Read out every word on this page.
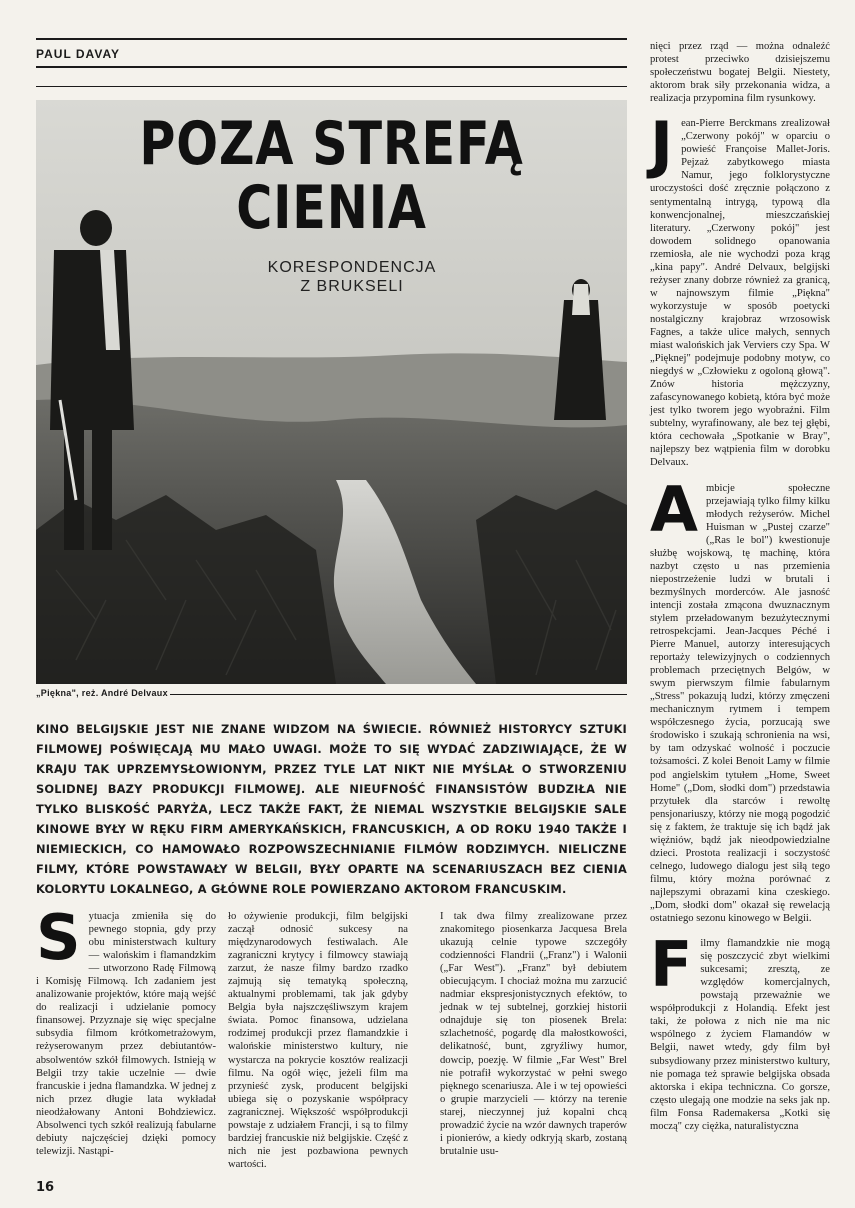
PAUL DAVAY
POZA STREFĄ
CIENIA
KORESPONDENCJA
Z BRUKSELI
„Piękna", reż. André Delvaux
KINO BELGIJSKIE JEST NIE ZNANE WIDZOM NA ŚWIECIE. RÓWNIEŻ HISTORYCY SZTUKI FILMOWEJ POŚWIĘCAJĄ MU MAŁO UWAGI. MOŻE TO SIĘ WYDAĆ ZADZIWIAJĄCE, ŻE W KRAJU TAK UPRZEMYSŁOWIONYM, PRZEZ TYLE LAT NIKT NIE MYŚLAŁ O STWORZENIU SOLIDNEJ BAZY PRODUKCJI FILMOWEJ. ALE NIEUFNOŚĆ FINANSISTÓW BUDZIŁA NIE TYLKO BLISKOŚĆ PARYŻA, LECZ TAKŻE FAKT, ŻE NIEMAL WSZYSTKIE BELGIJSKIE SALE KINOWE BYŁY W RĘKU FIRM AMERYKAŃSKICH, FRANCUSKICH, A OD ROKU 1940 TAKŻE I NIEMIECKICH, CO HAMOWAŁO ROZPOWSZECHNIANIE FILMÓW RODZIMYCH. NIELICZNE FILMY, KTÓRE POWSTAWAŁY W BELGII, BYŁY OPARTE NA SCENARIUSZACH BEZ CIENIA KOLORYTU LOKALNEGO, A GŁÓWNE ROLE POWIERZANO AKTOROM FRANCUSKIM.

nięci przez rząd — można odnaleźć protest przeciwko dzisiejszemu społeczeństwu bogatej Belgii. Niestety, aktorom brak siły przekonania widza, a realizacja przypomina film rysunkowy.

Jean-Pierre Berckmans zrealizował „Czerwony pokój" w oparciu o powieść Françoise Mallet-Joris. Pejzaż zabytkowego miasta Namur, jego folklorystyczne uroczystości dość zręcznie połączono z sentymentalną intrygą, typową dla konwencjonalnej, mieszczańskiej literatury. „Czerwony pokój" jest dowodem solidnego opanowania rzemiosła, ale nie wychodzi poza krąg „kina papy". André Delvaux, belgijski reżyser znany dobrze również za granicą, w najnowszym filmie „Piękna" wykorzystuje w sposób poetycki nostalgiczny krajobraz wrzosowisk Fagnes, a także ulice małych, sennych miast walońskich jak Verviers czy Spa. W „Pięknej" podejmuje podobny motyw, co niegdyś w „Człowieku z ogoloną głową". Znów historia mężczyzny, zafascynowanego kobietą, która być może jest tylko tworem jego wyobraźni. Film subtelny, wyrafinowany, ale bez tej głębi, która cechowała „Spotkanie w Bray", najlepszy bez wątpienia film w dorobku Delvaux.

Ambicje społeczne przejawiają tylko filmy kilku młodych reżyserów. Michel Huisman w „Pustej czarze" („Ras le bol") kwestionuje służbę wojskową, tę machinę, która nazbyt często u nas przemienia niepostrzeżenie ludzi w brutali i bezmyślnych morderców. Ale jasność intencji została zmącona dwuznacznym stylem przeładowanym bezużytecznymi retrospekcjami. Jean-Jacques Péché i Pierre Manuel, autorzy interesujących reportaży telewizyjnych o codziennych problemach przeciętnych Belgów, w swym pierwszym filmie fabularnym „Stress" pokazują ludzi, którzy zmęczeni mechanicznym rytmem i tempem współczesnego życia, porzucają swe środowisko i szukają schronienia na wsi, by tam odzyskać wolność i poczucie tożsamości. Z kolei Benoit Lamy w filmie pod angielskim tytułem „Home, Sweet Home" („Dom, słodki dom") przedstawia przytułek dla starców i rewoltę pensjonariuszy, którzy nie mogą pogodzić się z faktem, że traktuje się ich bądź jak więźniów, bądź jak nieodpowiedzialne dzieci. Prostota realizacji i soczystość celnego, ludowego dialogu jest siłą tego filmu, który można porównać z najlepszymi obrazami kina czeskiego. „Dom, słodki dom" okazał się rewelacją ostatniego sezonu kinowego w Belgii.

Filmy flamandzkie nie mogą się poszczycić zbyt wielkimi sukcesami; zresztą, ze względów komercjalnych, powstają przeważnie we współprodukcji z Holandią. Efekt jest taki, że połowa z nich nie ma nic wspólnego z życiem Flamandów w Belgii, nawet wtedy, gdy film był subsydiowany przez ministerstwo kultury, nie pomaga też sprawie belgijska obsada aktorska i ekipa techniczna. Co gorsze, często ulegają one modzie na seks jak np. film Fonsa Rademakersa „Kotki się moczą" czy ciężka, naturalistyczna

Sytuacja zmieniła się do pewnego stopnia, gdy przy obu ministerstwach kultury — walońskim i flamandzkim — utworzono Radę Filmową i Komisję Filmową. Ich zadaniem jest analizowanie projektów, które mają wejść do realizacji i udzielanie pomocy finansowej. Przyznaje się więc specjalne subsydia filmom krótkometrażowym, reżyserowanym przez debiutantów-absolwentów szkół filmowych. Istnieją w Belgii trzy takie uczelnie — dwie francuskie i jedna flamandzka. W jednej z nich przez długie lata wykładał nieodżałowany Antoni Bohdziewicz. Absolwenci tych szkół realizują fabularne debiuty najczęściej dzięki pomocy telewizji. Nastąpi-

ło ożywienie produkcji, film belgijski zaczął odnosić sukcesy na międzynarodowych festiwalach. Ale zagraniczni krytycy i filmowcy stawiają zarzut, że nasze filmy bardzo rzadko zajmują się tematyką społeczną, aktualnymi problemami, tak jak gdyby Belgia była najszczęśliwszym krajem świata. Pomoc finansowa, udzielana rodzimej produkcji przez flamandzkie i walońskie ministerstwo kultury, nie wystarcza na pokrycie kosztów realizacji filmu. Na ogół więc, jeżeli film ma przynieść zysk, producent belgijski ubiega się o pozyskanie współpracy zagranicznej. Większość współprodukcji powstaje z udziałem Francji, i są to filmy bardziej francuskie niż belgijskie. Część z nich nie jest pozbawiona pewnych wartości.

I tak dwa filmy zrealizowane przez znakomitego piosenkarza Jacquesa Brela ukazują celnie typowe szczegóły codzienności Flandrii („Franz") i Walonii („Far West"). „Franz" był debiutem obiecującym. I chociaż można mu zarzucić nadmiar ekspresjonistycznych efektów, to jednak w tej subtelnej, gorzkiej historii odnajduje się ton piosenek Brela: szlachetność, pogardę dla małostkowości, delikatność, bunt, zgryźliwy humor, dowcip, poezję. W filmie „Far West" Brel nie potrafił wykorzystać w pełni swego pięknego scenariusza. Ale i w tej opowieści o grupie marzycieli — którzy na terenie starej, nieczynnej już kopalni chcą prowadzić życie na wzór dawnych traperów i pionierów, a kiedy odkryją skarb, zostaną brutalnie usu-

16
